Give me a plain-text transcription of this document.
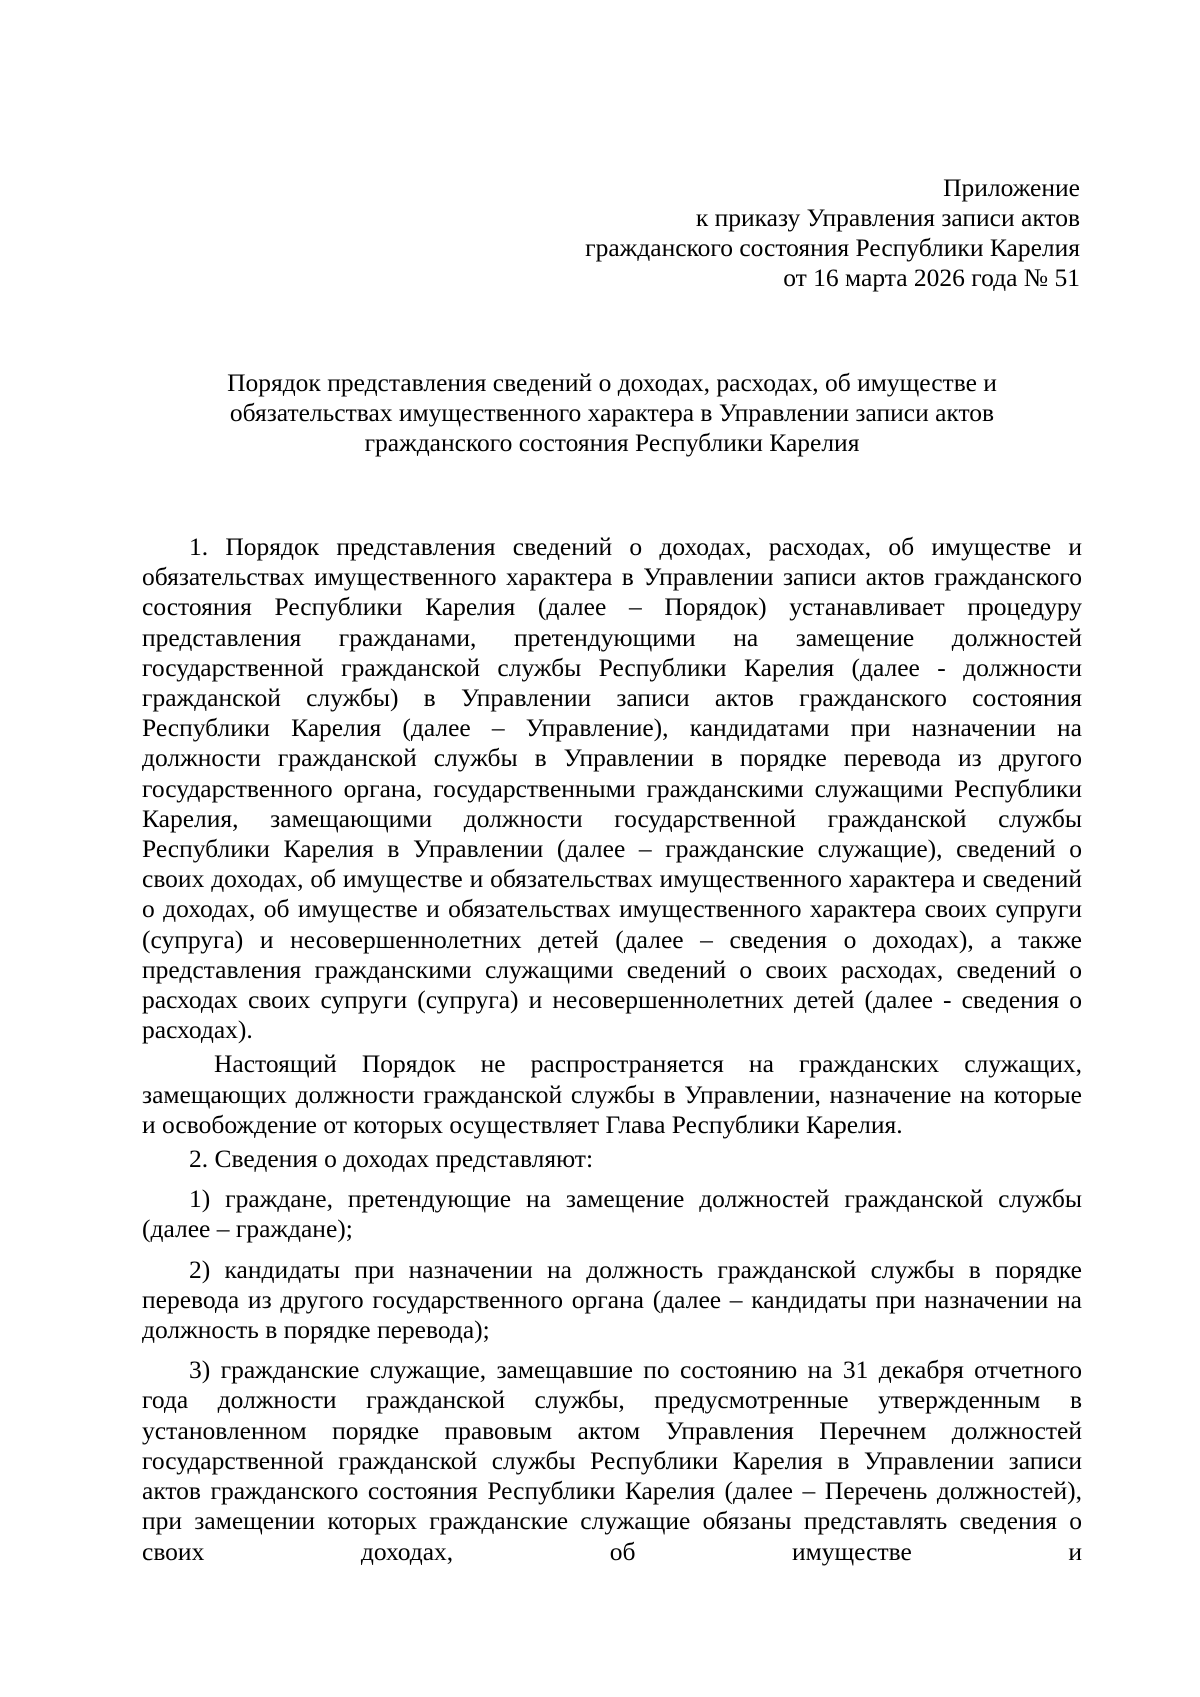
Приложение
к приказу Управления записи актов
гражданского состояния Республики Карелия
от 16 марта 2026 года № 51
Порядок представления сведений о доходах, расходах, об имуществе и
обязательствах имущественного характера в Управлении записи актов
гражданского состояния Республики Карелия

1. Порядок представления сведений о доходах, расходах, об имуществе и обязательствах имущественного характера в Управлении записи актов гражданского состояния Республики Карелия (далее – Порядок) устанавливает процедуру представления гражданами, претендующими на замещение должностей государственной гражданской службы Республики Карелия (далее - должности гражданской службы) в Управлении записи актов гражданского состояния Республики Карелия (далее – Управление), кандидатами при назначении на должности гражданской службы в Управлении в порядке перевода из другого государственного органа, государственными гражданскими служащими Республики Карелия, замещающими должности государственной гражданской службы Республики Карелия в Управлении (далее – гражданские служащие), сведений о своих доходах, об имуществе и обязательствах имущественного характера и сведений о доходах, об имуществе и обязательствах имущественного характера своих супруги (супруга) и несовершеннолетних детей (далее – сведения о доходах), а также представления гражданскими служащими сведений о своих расходах, сведений о расходах своих супруги (супруга) и несовершеннолетних детей (далее - сведения о расходах).

Настоящий Порядок не распространяется на гражданских служащих, замещающих должности гражданской службы в Управлении, назначение на которые и освобождение от которых осуществляет Глава Республики Карелия.

2. Сведения о доходах представляют:

1) граждане, претендующие на замещение должностей гражданской службы (далее – граждане);

2) кандидаты при назначении на должность гражданской службы в порядке перевода из другого государственного органа (далее – кандидаты при назначении на должность в порядке перевода);

3) гражданские служащие, замещавшие по состоянию на 31 декабря отчетного года должности гражданской службы, предусмотренные утвержденным в установленном порядке правовым актом Управления Перечнем должностей государственной гражданской службы Республики Карелия в Управлении записи актов гражданского состояния Республики Карелия (далее – Перечень должностей), при замещении которых гражданские служащие обязаны представлять сведения о своих доходах, об имуществе и
